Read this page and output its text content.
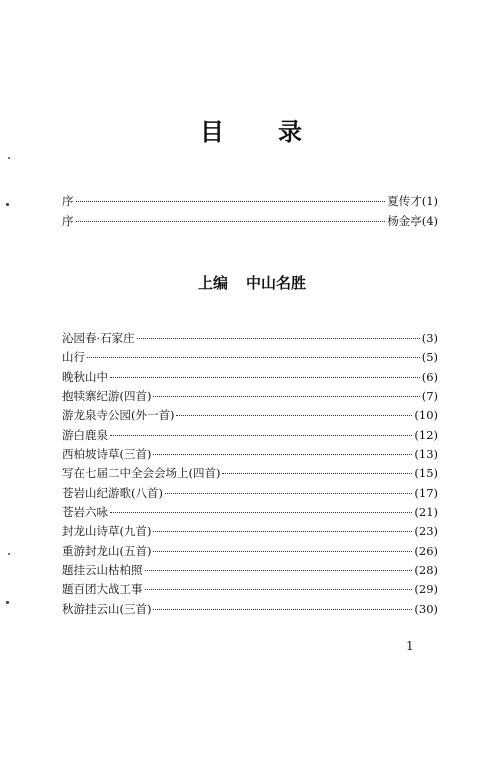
目 录
序	夏传才(1)
序	杨金亭(4)
上编 中山名胜
沁园春·石家庄	(3)
山行	(5)
晚秋山中	(6)
抱犊寨纪游(四首)	(7)
游龙泉寺公园(外一首)	(10)
游白鹿泉	(12)
西柏坡诗草(三首)	(13)
写在七届二中全会会场上(四首)	(15)
苍岩山纪游歌(八首)	(17)
苍岩六咏	(21)
封龙山诗草(九首)	(23)
重游封龙山(五首)	(26)
题挂云山枯柏照	(28)
题百团大战工事	(29)
秋游挂云山(三首)	(30)
1
